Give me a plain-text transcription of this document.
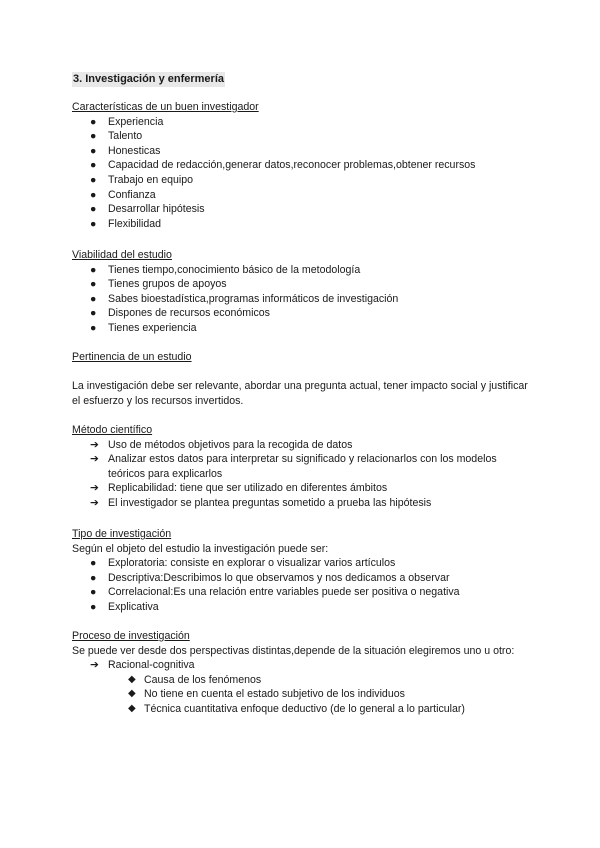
3. Investigación y enfermería
Características de un buen investigador
● Experiencia
● Talento
● Honesticas
● Capacidad de redacción,generar datos,reconocer problemas,obtener recursos
● Trabajo en equipo
● Confianza
● Desarrollar hipótesis
● Flexibilidad
Viabilidad del estudio
● Tienes tiempo,conocimiento básico de la metodología
● Tienes grupos de apoyos
● Sabes bioestadística,programas informáticos de investigación
● Dispones de recursos económicos
● Tienes experiencia
Pertinencia de un estudio

La investigación debe ser relevante, abordar una pregunta actual, tener impacto social y justificar el esfuerzo y los recursos invertidos.

Método científico
➔ Uso de métodos objetivos para la recogida de datos
➔ Analizar estos datos para interpretar su significado y relacionarlos con los modelos teóricos para explicarlos
➔ Replicabilidad: tiene que ser utilizado en diferentes ámbitos
➔ El investigador se plantea preguntas sometido a prueba las hipótesis
Tipo de investigación

Según el objeto del estudio la investigación puede ser:

● Exploratoria: consiste en explorar o visualizar varios artículos
● Descriptiva:Describimos lo que observamos y nos dedicamos a observar
● Correlacional:Es una relación entre variables puede ser positiva o negativa
● Explicativa
Proceso de investigación

Se puede ver desde dos perspectivas distintas,depende de la situación elegiremos uno u otro:

➔ Racional-cognitiva
◆ Causa de los fenómenos
◆ No tiene en cuenta el estado subjetivo de los individuos
◆ Técnica cuantitativa enfoque deductivo (de lo general a lo particular)
